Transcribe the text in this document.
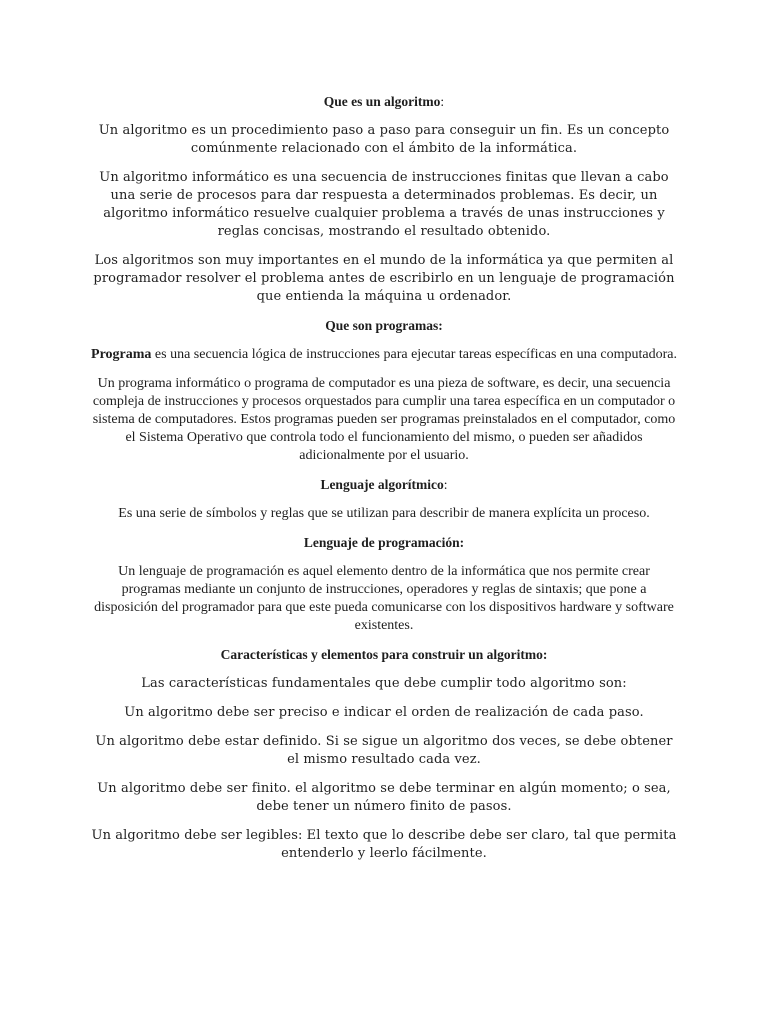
Que es un algoritmo:

Un algoritmo es un procedimiento paso a paso para conseguir un fin. Es un concepto comúnmente relacionado con el ámbito de la informática.

Un algoritmo informático es una secuencia de instrucciones finitas que llevan a cabo una serie de procesos para dar respuesta a determinados problemas. Es decir, un algoritmo informático resuelve cualquier problema a través de unas instrucciones y reglas concisas, mostrando el resultado obtenido.

Los algoritmos son muy importantes en el mundo de la informática ya que permiten al programador resolver el problema antes de escribirlo en un lenguaje de programación que entienda la máquina u ordenador.

Que son programas:

Programa es una secuencia lógica de instrucciones para ejecutar tareas específicas en una computadora.

Un programa informático o programa de computador es una pieza de software, es decir, una secuencia compleja de instrucciones y procesos orquestados para cumplir una tarea específica en un computador o sistema de computadores. Estos programas pueden ser programas preinstalados en el computador, como el Sistema Operativo que controla todo el funcionamiento del mismo, o pueden ser añadidos adicionalmente por el usuario.

Lenguaje algorítmico:

Es una serie de símbolos y reglas que se utilizan para describir de manera explícita un proceso.

Lenguaje de programación:

Un lenguaje de programación es aquel elemento dentro de la informática que nos permite crear programas mediante un conjunto de instrucciones, operadores y reglas de sintaxis; que pone a disposición del programador para que este pueda comunicarse con los dispositivos hardware y software existentes.

Características y elementos para construir un algoritmo:

Las características fundamentales que debe cumplir todo algoritmo son:

Un algoritmo debe ser preciso e indicar el orden de realización de cada paso.

Un algoritmo debe estar definido. Si se sigue un algoritmo dos veces, se debe obtener el mismo resultado cada vez.

Un algoritmo debe ser finito. el algoritmo se debe terminar en algún momento; o sea, debe tener un número finito de pasos.

Un algoritmo debe ser legibles: El texto que lo describe debe ser claro, tal que permita entenderlo y leerlo fácilmente.
